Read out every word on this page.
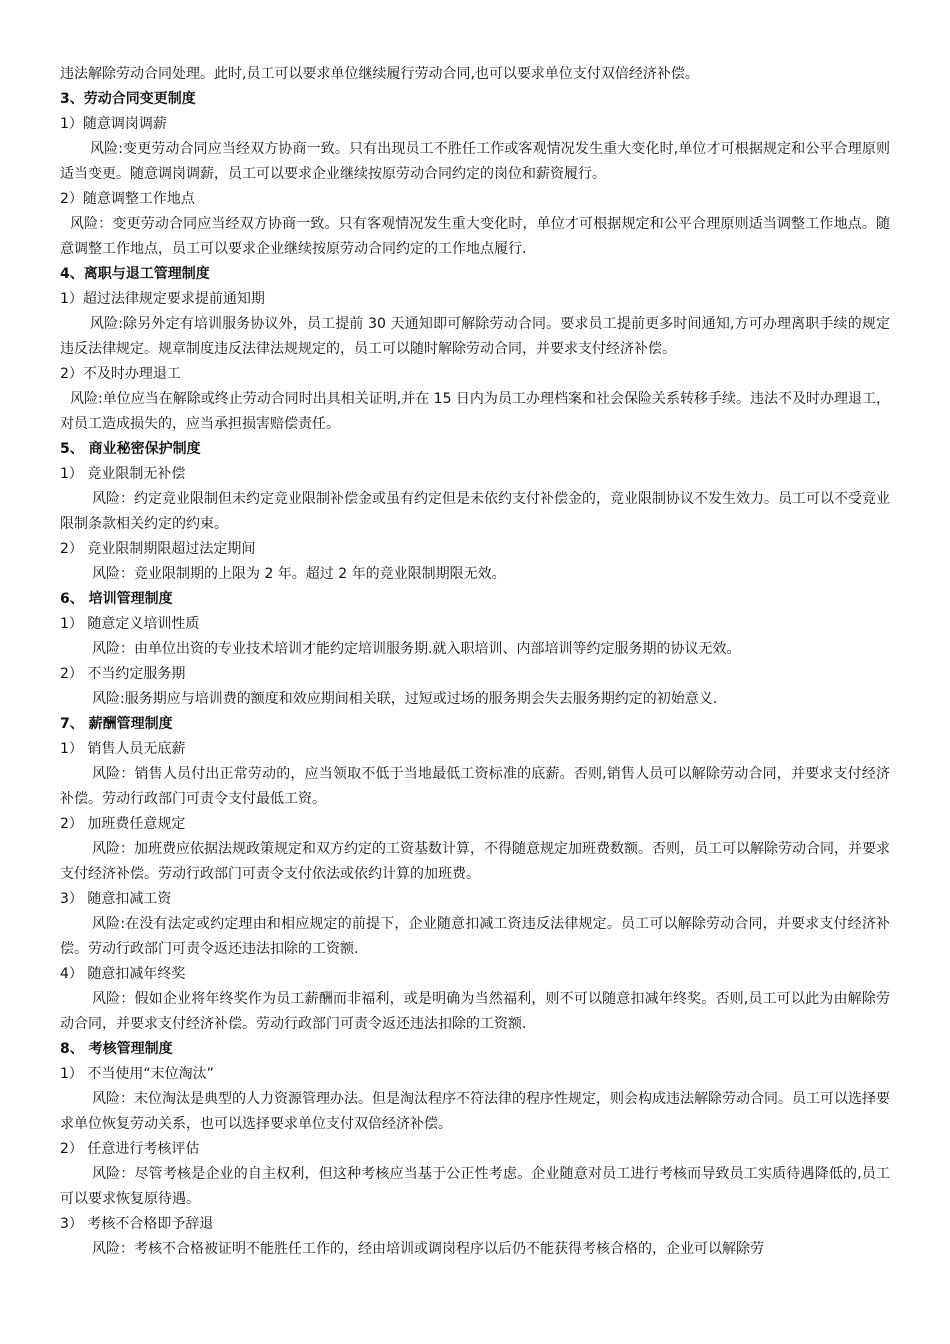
违法解除劳动合同处理。此时,员工可以要求单位继续履行劳动合同,也可以要求单位支付双倍经济补偿。

3、劳动合同变更制度

1）随意调岗调薪

风险:变更劳动合同应当经双方协商一致。只有出现员工不胜任工作或客观情况发生重大变化时,单位才可根据规定和公平合理原则适当变更。随意调岗调薪，员工可以要求企业继续按原劳动合同约定的岗位和薪资履行。

2）随意调整工作地点

风险：变更劳动合同应当经双方协商一致。只有客观情况发生重大变化时，单位才可根据规定和公平合理原则适当调整工作地点。随意调整工作地点，员工可以要求企业继续按原劳动合同约定的工作地点履行.

4、离职与退工管理制度

1）超过法律规定要求提前通知期

风险:除另外定有培训服务协议外，员工提前 30 天通知即可解除劳动合同。要求员工提前更多时间通知,方可办理离职手续的规定违反法律规定。规章制度违反法律法规规定的，员工可以随时解除劳动合同，并要求支付经济补偿。

2）不及时办理退工

风险:单位应当在解除或终止劳动合同时出具相关证明,并在 15 日内为员工办理档案和社会保险关系转移手续。违法不及时办理退工，对员工造成损失的，应当承担损害赔偿责任。

5、 商业秘密保护制度

1） 竞业限制无补偿

风险：约定竞业限制但未约定竞业限制补偿金或虽有约定但是未依约支付补偿金的，竞业限制协议不发生效力。员工可以不受竞业限制条款相关约定的约束。

2） 竞业限制期限超过法定期间

风险：竞业限制期的上限为 2 年。超过 2 年的竞业限制期限无效。

6、 培训管理制度

1） 随意定义培训性质

风险：由单位出资的专业技术培训才能约定培训服务期.就入职培训、内部培训等约定服务期的协议无效。

2） 不当约定服务期

风险:服务期应与培训费的额度和效应期间相关联，过短或过场的服务期会失去服务期约定的初始意义.

7、 薪酬管理制度

1） 销售人员无底薪

风险：销售人员付出正常劳动的，应当领取不低于当地最低工资标准的底薪。否则,销售人员可以解除劳动合同，并要求支付经济补偿。劳动行政部门可责令支付最低工资。

2） 加班费任意规定

风险：加班费应依据法规政策规定和双方约定的工资基数计算，不得随意规定加班费数额。否则，员工可以解除劳动合同，并要求支付经济补偿。劳动行政部门可责令支付依法或依约计算的加班费。

3） 随意扣减工资

风险:在没有法定或约定理由和相应规定的前提下，企业随意扣减工资违反法律规定。员工可以解除劳动合同，并要求支付经济补偿。劳动行政部门可责令返还违法扣除的工资额.

4） 随意扣减年终奖

风险：假如企业将年终奖作为员工薪酬而非福利，或是明确为当然福利，则不可以随意扣减年终奖。否则,员工可以此为由解除劳动合同，并要求支付经济补偿。劳动行政部门可责令返还违法扣除的工资额.

8、 考核管理制度

1） 不当使用“末位淘汰”

风险：末位淘汰是典型的人力资源管理办法。但是淘汰程序不符法律的程序性规定，则会构成违法解除劳动合同。员工可以选择要求单位恢复劳动关系，也可以选择要求单位支付双倍经济补偿。

2） 任意进行考核评估

风险：尽管考核是企业的自主权利，但这种考核应当基于公正性考虑。企业随意对员工进行考核而导致员工实质待遇降低的,员工可以要求恢复原待遇。

3） 考核不合格即予辞退

风险：考核不合格被证明不能胜任工作的，经由培训或调岗程序以后仍不能获得考核合格的，企业可以解除劳
